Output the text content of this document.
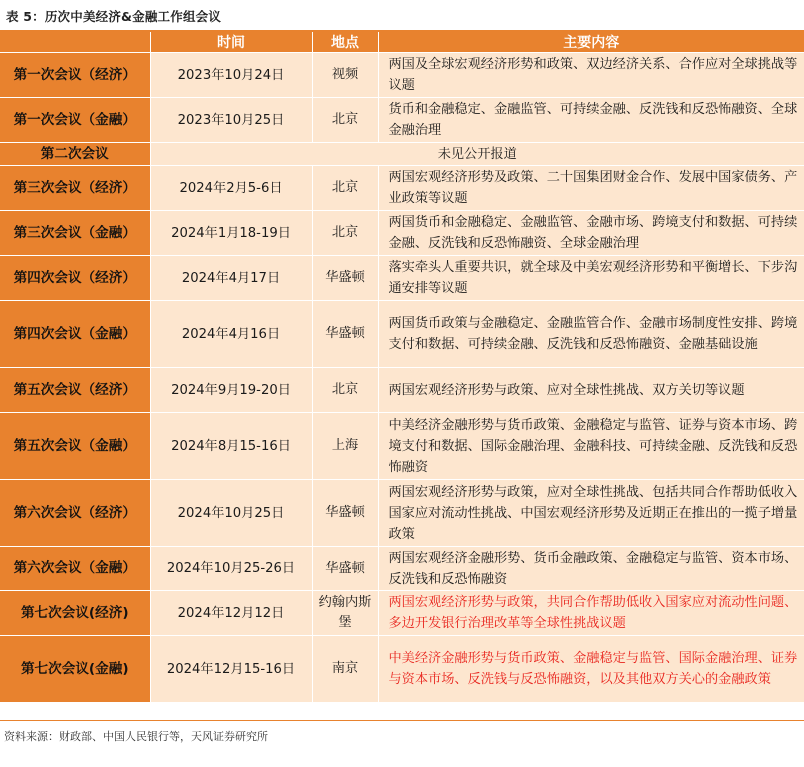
表 5：历次中美经济&金融工作组会议
	时间	地点	主要内容
第一次会议（经济）	2023年10月24日	视频	两国及全球宏观经济形势和政策、双边经济关系、合作应对全球挑战等议题
第一次会议（金融）	2023年10月25日	北京	货币和金融稳定、金融监管、可持续金融、反洗钱和反恐怖融资、全球金融治理
第二次会议	未见公开报道		
第三次会议（经济）	2024年2月5-6日	北京	两国宏观经济形势及政策、二十国集团财金合作、发展中国家债务、产业政策等议题
第三次会议（金融）	2024年1月18-19日	北京	两国货币和金融稳定、金融监管、金融市场、跨境支付和数据、可持续金融、反洗钱和反恐怖融资、全球金融治理
第四次会议（经济）	2024年4月17日	华盛顿	落实牵头人重要共识，就全球及中美宏观经济形势和平衡增长、下步沟通安排等议题
第四次会议（金融）	2024年4月16日	华盛顿	两国货币政策与金融稳定、金融监管合作、金融市场制度性安排、跨境支付和数据、可持续金融、反洗钱和反恐怖融资、金融基础设施
第五次会议（经济）	2024年9月19-20日	北京	两国宏观经济形势与政策、应对全球性挑战、双方关切等议题
第五次会议（金融）	2024年8月15-16日	上海	中美经济金融形势与货币政策、金融稳定与监管、证券与资本市场、跨境支付和数据、国际金融治理、金融科技、可持续金融、反洗钱和反恐怖融资
第六次会议（经济）	2024年10月25日	华盛顿	两国宏观经济形势与政策，应对全球性挑战、包括共同合作帮助低收入国家应对流动性挑战、中国宏观经济形势及近期正在推出的一揽子增量政策
第六次会议（金融）	2024年10月25-26日	华盛顿	两国宏观经济金融形势、货币金融政策、金融稳定与监管、资本市场、反洗钱和反恐怖融资
第七次会议(经济)	2024年12月12日	约翰内斯堡	两国宏观经济形势与政策，共同合作帮助低收入国家应对流动性问题、多边开发银行治理改革等全球性挑战议题
第七次会议(金融)	2024年12月15-16日	南京	中美经济金融形势与货币政策、金融稳定与监管、国际金融治理、证券与资本市场、反洗钱与反恐怖融资，以及其他双方关心的金融政策
资料来源：财政部、中国人民银行等，天风证券研究所
